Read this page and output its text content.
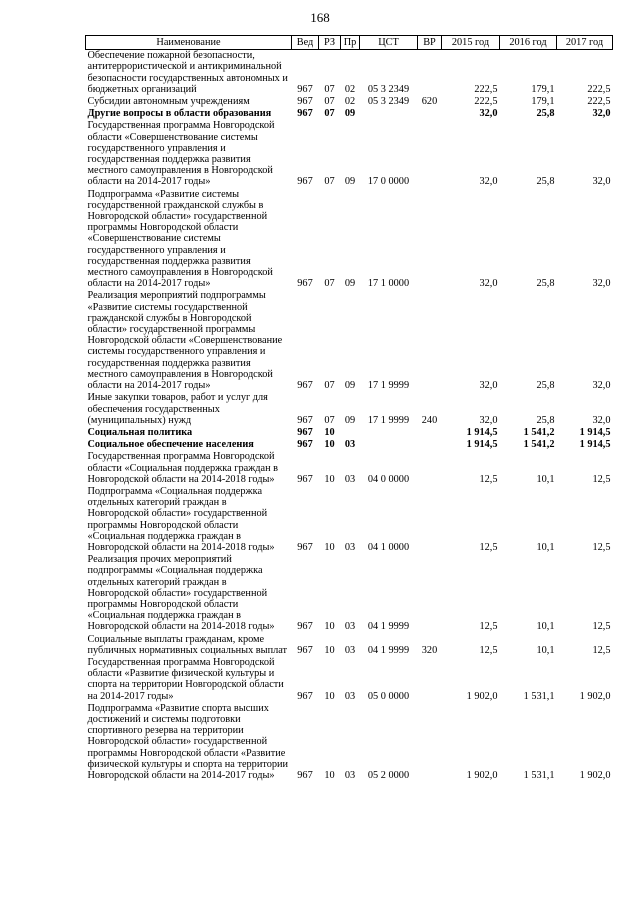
168
Наименование	Вед	РЗ	Пр	ЦСТ	ВР	2015 год	2016 год	2017 год
Обеспечение пожарной безопасности, антитеррористической и антикриминальной безопасности государственных автономных и бюджетных организаций	967	07	02	05 3 2349		222,5	179,1	222,5
Субсидии автономным учреждениям	967	07	02	05 3 2349	620	222,5	179,1	222,5
Другие вопросы в области образования	967	07	09			32,0	25,8	32,0
Государственная программа Новгородской области «Совершенствование системы государственного управления и государственная поддержка развития местного самоуправления в Новгородской области на 2014-2017 годы»	967	07	09	17 0 0000		32,0	25,8	32,0
Подпрограмма «Развитие системы государственной гражданской службы в Новгородской области» государственной программы Новгородской области «Совершенствование системы государственного управления и государственная поддержка развития местного самоуправления в Новгородской области на 2014-2017 годы»	967	07	09	17 1 0000		32,0	25,8	32,0
Реализация мероприятий подпрограммы «Развитие системы государственной гражданской службы в Новгородской области» государственной программы Новгородской области «Совершенствование системы государственного управления и государственная поддержка развития местного самоуправления в Новгородской области на 2014-2017 годы»	967	07	09	17 1 9999		32,0	25,8	32,0
Иные закупки товаров, работ и услуг для обеспечения государственных (муниципальных) нужд	967	07	09	17 1 9999	240	32,0	25,8	32,0
Социальная политика	967	10				1 914,5	1 541,2	1 914,5
Социальное обеспечение населения	967	10	03			1 914,5	1 541,2	1 914,5
Государственная программа Новгородской области «Социальная поддержка граждан в Новгородской области на 2014-2018 годы»	967	10	03	04 0 0000		12,5	10,1	12,5
Подпрограмма «Социальная поддержка отдельных категорий граждан в Новгородской области» государственной программы Новгородской области «Социальная поддержка граждан в Новгородской области на 2014-2018 годы»	967	10	03	04 1 0000		12,5	10,1	12,5
Реализация прочих мероприятий подпрограммы «Социальная поддержка отдельных категорий граждан в Новгородской области» государственной программы Новгородской области «Социальная поддержка граждан в Новгородской области на 2014-2018 годы»	967	10	03	04 1 9999		12,5	10,1	12,5
Социальные выплаты гражданам, кроме публичных нормативных социальных выплат	967	10	03	04 1 9999	320	12,5	10,1	12,5
Государственная программа Новгородской области «Развитие физической культуры и спорта на территории Новгородской области на 2014-2017 годы»	967	10	03	05 0 0000		1 902,0	1 531,1	1 902,0
Подпрограмма «Развитие спорта высших достижений и системы подготовки спортивного резерва на территории Новгородской области» государственной программы Новгородской области «Развитие физической культуры и спорта на территории Новгородской области на 2014-2017 годы»	967	10	03	05 2 0000		1 902,0	1 531,1	1 902,0
